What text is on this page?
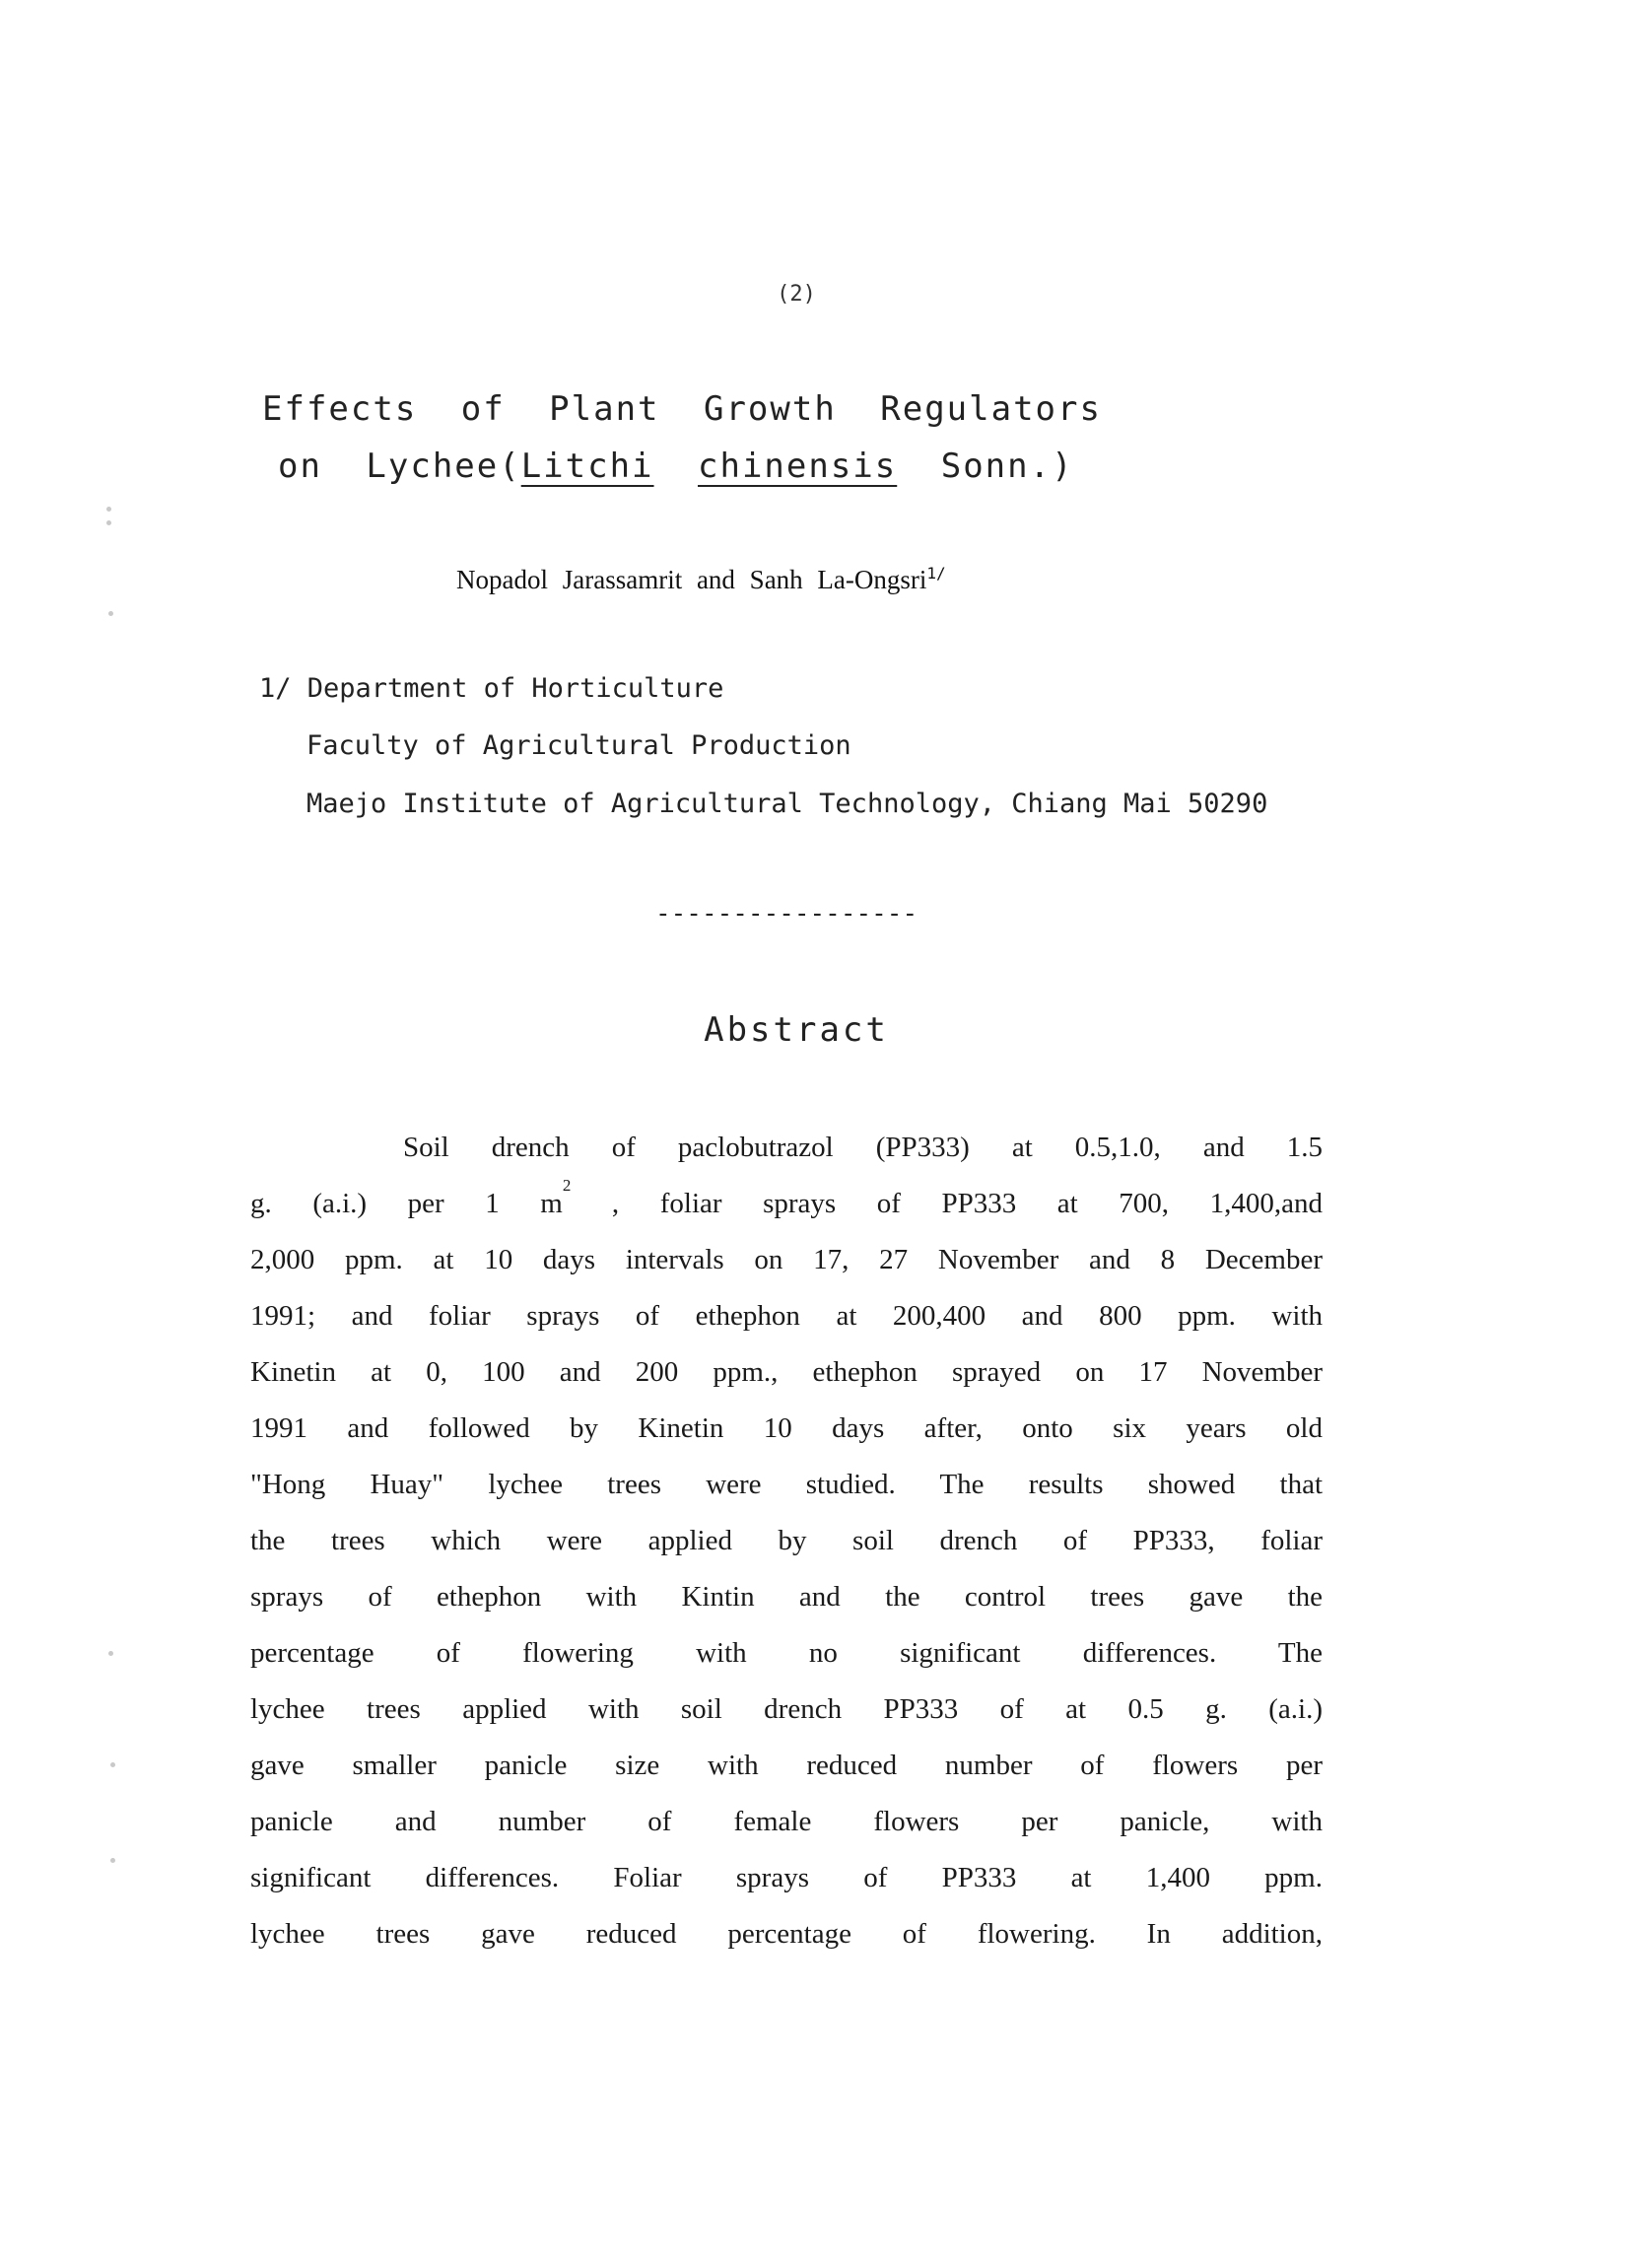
(2)
Effects of Plant Growth Regulators
on Lychee(Litchi chinensis Sonn.)
Nopadol Jarassamrit and Sanh La-Ongsri$^{1/}$
1/ Department of Horticulture
Faculty of Agricultural Production
Maejo Institute of Agricultural Technology, Chiang Mai 50290
-----------------
Abstract
Soil drench of paclobutrazol (PP333) at 0.5,1.0, and 1.5
g. (a.i.) per 1 $m^2$ , foliar sprays of PP333 at 700, 1,400,and
2,000 ppm. at 10 days intervals on 17, 27 November and 8 December
1991; and foliar sprays of ethephon at 200,400 and 800 ppm. with
Kinetin at 0, 100 and 200 ppm., ethephon sprayed on 17 November
1991 and followed by Kinetin 10 days after, onto six years old
"Hong Huay" lychee trees were studied. The results showed that
the trees which were applied by soil drench of PP333, foliar
sprays of ethephon with Kintin and the control trees gave the
percentage of flowering with no significant differences. The
lychee trees applied with soil drench PP333 of at 0.5 g. (a.i.)
gave smaller panicle size with reduced number of flowers per
panicle and number of female flowers per panicle, with
significant differences. Foliar sprays of PP333 at 1,400 ppm.
lychee trees gave reduced percentage of flowering. In addition,
